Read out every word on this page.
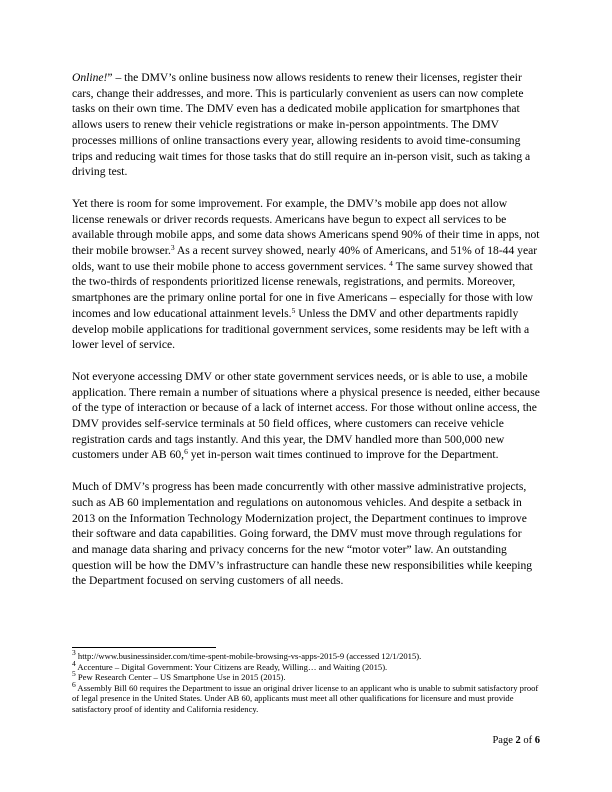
Online!” – the DMV’s online business now allows residents to renew their licenses, register their cars, change their addresses, and more. This is particularly convenient as users can now complete tasks on their own time. The DMV even has a dedicated mobile application for smartphones that allows users to renew their vehicle registrations or make in-person appointments. The DMV processes millions of online transactions every year, allowing residents to avoid time-consuming trips and reducing wait times for those tasks that do still require an in-person visit, such as taking a driving test.

Yet there is room for some improvement. For example, the DMV’s mobile app does not allow license renewals or driver records requests. Americans have begun to expect all services to be available through mobile apps, and some data shows Americans spend 90% of their time in apps, not their mobile browser.$^3$ As a recent survey showed, nearly 40% of Americans, and 51% of 18-44 year olds, want to use their mobile phone to access government services. $^4$ The same survey showed that the two-thirds of respondents prioritized license renewals, registrations, and permits. Moreover, smartphones are the primary online portal for one in five Americans – especially for those with low incomes and low educational attainment levels.$^5$ Unless the DMV and other departments rapidly develop mobile applications for traditional government services, some residents may be left with a lower level of service.

Not everyone accessing DMV or other state government services needs, or is able to use, a mobile application. There remain a number of situations where a physical presence is needed, either because of the type of interaction or because of a lack of internet access. For those without online access, the DMV provides self-service terminals at 50 field offices, where customers can receive vehicle registration cards and tags instantly. And this year, the DMV handled more than 500,000 new customers under AB 60,$^6$ yet in-person wait times continued to improve for the Department.

Much of DMV’s progress has been made concurrently with other massive administrative projects, such as AB 60 implementation and regulations on autonomous vehicles. And despite a setback in 2013 on the Information Technology Modernization project, the Department continues to improve their software and data capabilities. Going forward, the DMV must move through regulations for and manage data sharing and privacy concerns for the new “motor voter” law. An outstanding question will be how the DMV’s infrastructure can handle these new responsibilities while keeping the Department focused on serving customers of all needs.

$^3$ http://www.businessinsider.com/time-spent-mobile-browsing-vs-apps-2015-9 (accessed 12/1/2015).

$^4$ Accenture – Digital Government: Your Citizens are Ready, Willing… and Waiting (2015).

$^5$ Pew Research Center – US Smartphone Use in 2015 (2015).

$^6$ Assembly Bill 60 requires the Department to issue an original driver license to an applicant who is unable to submit satisfactory proof of legal presence in the United States. Under AB 60, applicants must meet all other qualifications for licensure and must provide satisfactory proof of identity and California residency.

Page 2 of 6
